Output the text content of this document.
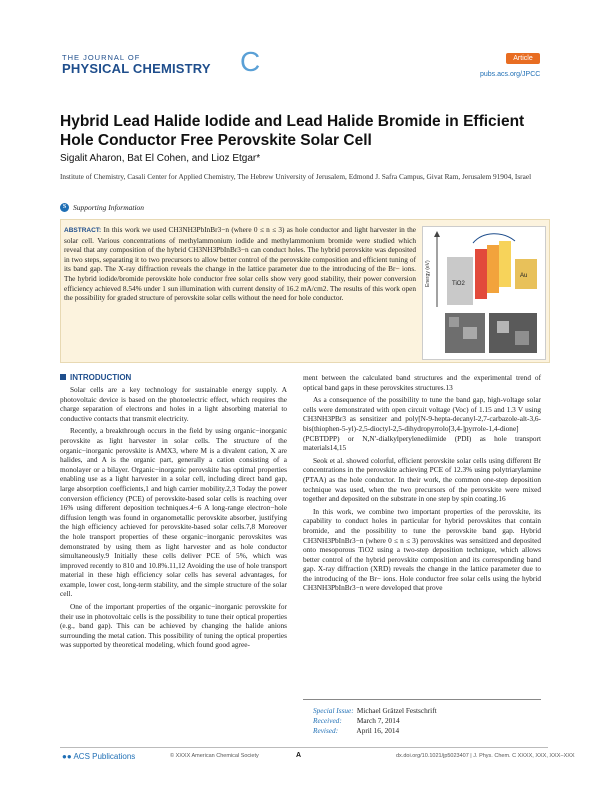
THE JOURNAL OF
PHYSICAL CHEMISTRY C	Article
pubs.acs.org/JPCC
Hybrid Lead Halide Iodide and Lead Halide Bromide in Efficient Hole Conductor Free Perovskite Solar Cell
Sigalit Aharon, Bat El Cohen, and Lioz Etgar*
Institute of Chemistry, Casali Center for Applied Chemistry, The Hebrew University of Jerusalem, Edmond J. Safra Campus, Givat Ram, Jerusalem 91904, Israel
S Supporting Information
ABSTRACT: In this work we used CH3NH3PbInBr3−n (where 0 ≤ n ≤ 3) as hole conductor and light harvester in the solar cell. Various concentrations of methylammonium iodide and methylammonium bromide were studied which reveal that any composition of the hybrid CH3NH3PbInBr3−n can conduct holes. The hybrid perovskite was deposited in two steps, separating it to two precursors to allow better control of the perovskite composition and efficient tuning of its band gap. The X-ray diffraction reveals the change in the lattice parameter due to the introducing of the Br− ions. The hybrid iodide/bromide perovskite hole conductor free solar cells show very good stability, their power conversion efficiency achieved 8.54% under 1 sun illumination with current density of 16.2 mA/cm2. The results of this work open the possibility for graded structure of perovskite solar cells without the need for hole conductor.
Energy (eV)	TiO2
Au
INTRODUCTION

Solar cells are a key technology for sustainable energy supply. A photovoltaic device is based on the photoelectric effect, which requires the charge separation of electrons and holes in a light absorbing material to conductive contacts that transmit electricity.

Recently, a breakthrough occurs in the field by using organic−inorganic perovskite as light harvester in solar cells. The structure of the organic−inorganic perovskite is AMX3, where M is a divalent cation, X are halides, and A is the organic part, generally a cation consisting of a monolayer or a bilayer. Organic−inorganic perovskite has optimal properties enabling use as a light harvester in a solar cell, including direct band gap, large absorption coefficients,1 and high carrier mobility.2,3 Today the power conversion efficiency (PCE) of perovskite-based solar cells is reaching over 16% using different deposition techniques.4−6 A long-range electron−hole diffusion length was found in organometallic perovskite absorber, justifying the high efficiency achieved for perovskite-based solar cells.7,8 Moreover the hole transport properties of these organic−inorganic perovskites was demonstrated by using them as light harvester and as hole conductor simultaneously.9 Initially these cells deliver PCE of 5%, which was improved recently to 810 and 10.8%.11,12 Avoiding the use of hole transport material in these high efficiency solar cells has several advantages, for example, lower cost, long-term stability, and the simple structure of the solar cell.

One of the important properties of the organic−inorganic perovskite for their use in photovoltaic cells is the possibility to tune their optical properties (e.g., band gap). This can be achieved by changing the halide anions surrounding the metal cation. This possibility of tuning the optical properties was supported by theoretical modeling, which found good agree-

ment between the calculated band structures and the experimental trend of optical band gaps in these perovskites structures.13

As a consequence of the possibility to tune the band gap, high-voltage solar cells were demonstrated with open circuit voltage (Voc) of 1.15 and 1.3 V using CH3NH3PBr3 as sensitizer and poly[N-9-hepta-decanyl-2,7-carbazole-alt-3,6-bis(thiophen-5-yl)-2,5-dioctyl-2,5-dihydropyrrolo[3,4-]pyrrole-1,4-dione] (PCBTDPP) or N,N′-dialkylperylenediimide (PDI) as hole transport materials14,15

Seok et al. showed colorful, efficient perovskite solar cells using different Br concentrations in the perovskite achieving PCE of 12.3% using polytriarylamine (PTAA) as the hole conductor. In their work, the common one-step deposition technique was used, when the two precursors of the perovskite were mixed together and deposited on the substrate in one step by spin coating.16

In this work, we combine two important properties of the perovskite, its capability to conduct holes in particular for hybrid perovskites that contain bromide, and the possibility to tune the perovskite band gap. Hybrid CH3NH3PbInBr3−n (where 0 ≤ n ≤ 3) perovskites was sensitized and deposited onto mesoporous TiO2 using a two-step deposition technique, which allows better control of the hybrid perovskite composition and its corresponding band gap. X-ray diffraction (XRD) reveals the change in the lattice parameter due to the introducing of the Br− ions. Hole conductor free solar cells using the hybrid CH3NH3PbInBr3−n were developed that prove

Special Issue: Michael Grätzel Festschrift
Received: March 7, 2014
Revised:	April 16, 2014
●● ACS Publications	© XXXX American Chemical Society	A	dx.doi.org/10.1021/jp5023407 | J. Phys. Chem. C XXXX, XXX, XXX−XXX
